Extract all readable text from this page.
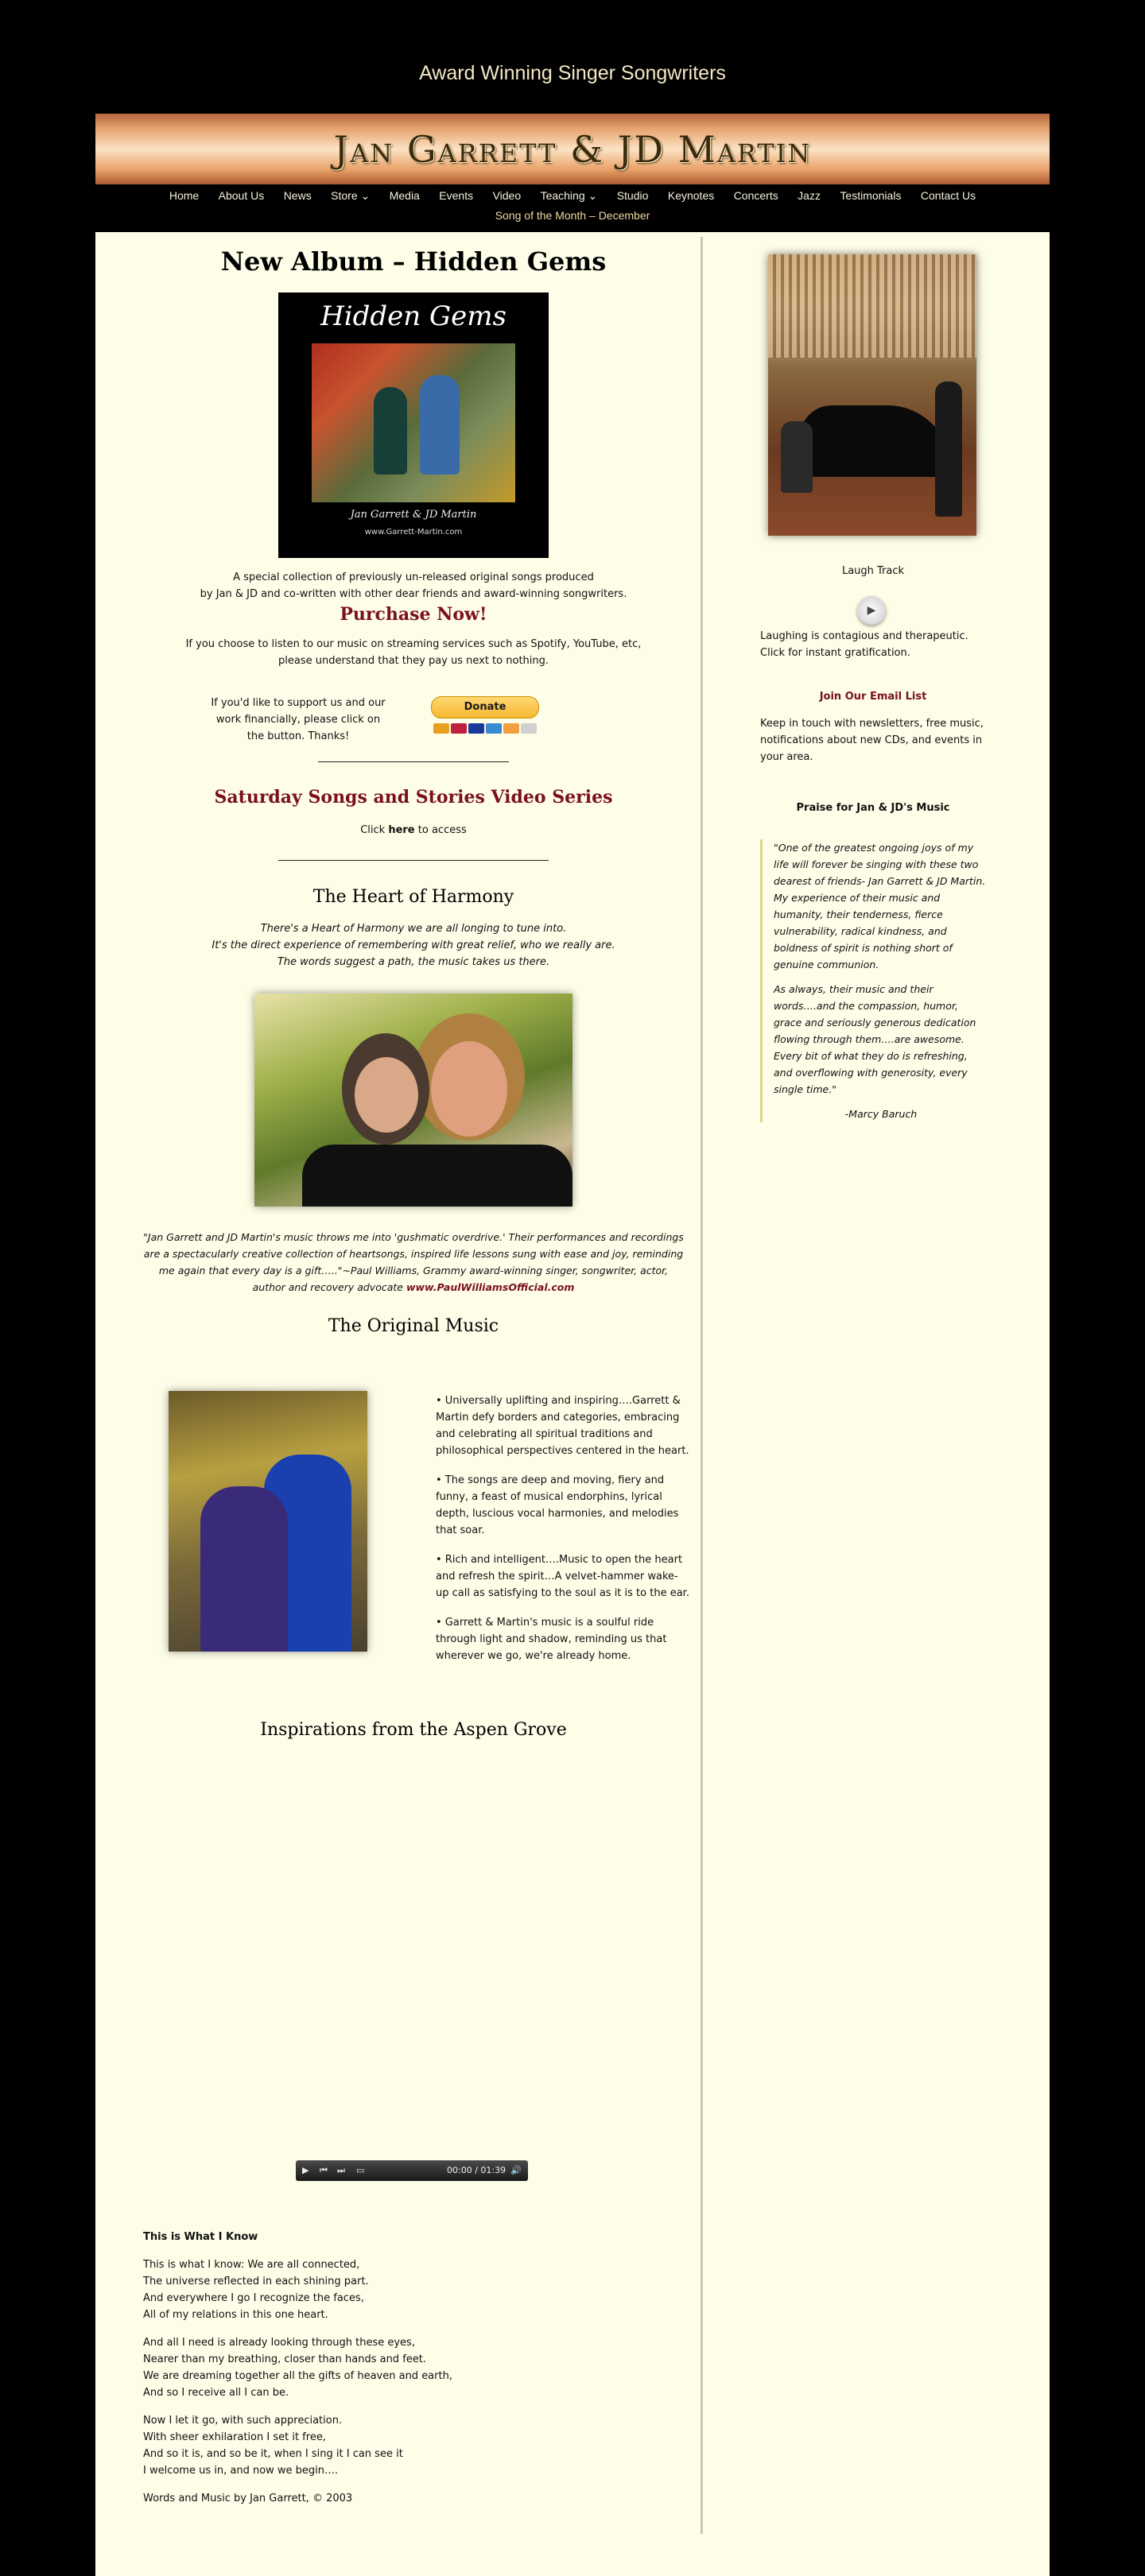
Award Winning Singer Songwriters
Jan Garrett & JD Martin
Home About Us News Store ⌄ Media Events Video Teaching ⌄ Studio Keynotes Concerts Jazz Testimonials Contact Us
Song of the Month – December
New Album – Hidden Gems
Hidden Gems
Jan Garrett & JD Martin
www.Garrett-Martin.com
A special collection of previously un-released original songs produced
by Jan & JD and co-written with other dear friends and award-winning songwriters.
Purchase Now!
If you choose to listen to our music on streaming services such as Spotify, YouTube, etc,
please understand that they pay us next to nothing.
If you'd like to support us and our work financially, please click on the button. Thanks!
Donate
Saturday Songs and Stories Video Series
Click here to access
The Heart of Harmony
There's a Heart of Harmony we are all longing to tune into.
It's the direct experience of remembering with great relief, who we really are.
The words suggest a path, the music takes us there.
"Jan Garrett and JD Martin's music throws me into 'gushmatic overdrive.' Their performances and recordings are a spectacularly creative collection of heartsongs, inspired life lessons sung with ease and joy, reminding me again that every day is a gift….."~Paul Williams, Grammy award-winning singer, songwriter, actor, author and recovery advocate www.PaulWilliamsOfficial.com
The Original Music

• Universally uplifting and inspiring….Garrett & Martin defy borders and categories, embracing and celebrating all spiritual traditions and philosophical perspectives centered in the heart.

• The songs are deep and moving, fiery and funny, a feast of musical endorphins, lyrical depth, luscious vocal harmonies, and melodies that soar.

• Rich and intelligent….Music to open the heart and refresh the spirit…A velvet-hammer wake-up call as satisfying to the soul as it is to the ear.

• Garrett & Martin's music is a soulful ride through light and shadow, reminding us that wherever we go, we're already home.

Inspirations from the Aspen Grove
▶ ⏮ ⏭ ▭	00:00 / 01:39 🔊

This is What I Know

This is what I know: We are all connected,
The universe reflected in each shining part.
And everywhere I go I recognize the faces,
All of my relations in this one heart.

And all I need is already looking through these eyes,
Nearer than my breathing, closer than hands and feet.
We are dreaming together all the gifts of heaven and earth,
And so I receive all I can be.

Now I let it go, with such appreciation.
With sheer exhilaration I set it free,
And so it is, and so be it, when I sing it I can see it
I welcome us in, and now we begin….

Words and Music by Jan Garrett, © 2003

Laugh Track
▶
Laughing is contagious and therapeutic. Click for instant gratification.
Join Our Email List
Keep in touch with newsletters, free music, notifications about new CDs, and events in your area.
Praise for Jan & JD's Music

"One of the greatest ongoing joys of my life will forever be singing with these two dearest of friends- Jan Garrett & JD Martin. My experience of their music and humanity, their tenderness, fierce vulnerability, radical kindness, and boldness of spirit is nothing short of genuine communion.

As always, their music and their words….and the compassion, humor, grace and seriously generous dedication flowing through them….are awesome. Every bit of what they do is refreshing, and overflowing with generosity, every single time."

-Marcy Baruch
